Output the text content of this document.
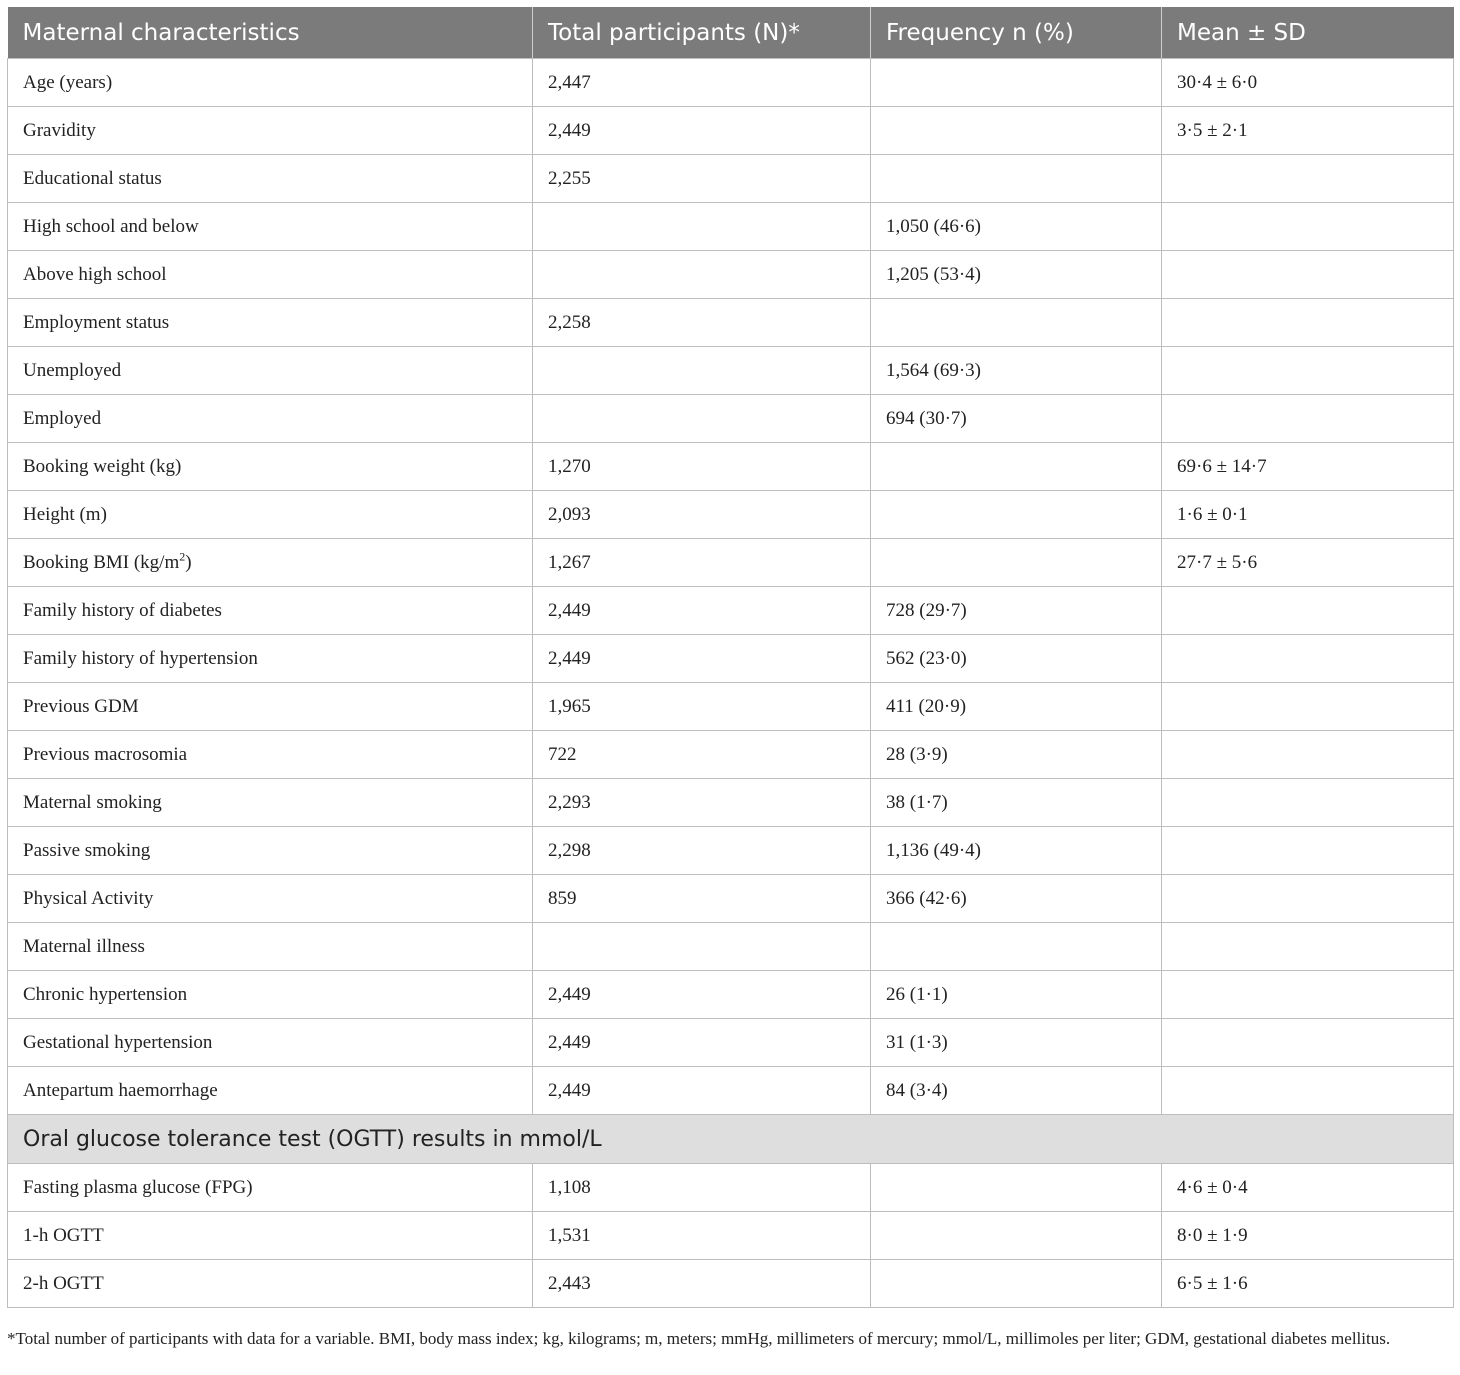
Maternal characteristics	Total participants (N)*	Frequency n (%)	Mean ± SD
Age (years)	2,447		30·4 ± 6·0
Gravidity	2,449		3·5 ± 2·1
Educational status	2,255		
High school and below		1,050 (46·6)	
Above high school		1,205 (53·4)	
Employment status	2,258		
Unemployed		1,564 (69·3)	
Employed		694 (30·7)	
Booking weight (kg)	1,270		69·6 ± 14·7
Height (m)	2,093		1·6 ± 0·1
Booking BMI $(kg/m^2)$	1,267		27·7 ± 5·6
Family history of diabetes	2,449	728 (29·7)	
Family history of hypertension	2,449	562 (23·0)	
Previous GDM	1,965	411 (20·9)	
Previous macrosomia	722	28 (3·9)	
Maternal smoking	2,293	38 (1·7)	
Passive smoking	2,298	1,136 (49·4)	
Physical Activity	859	366 (42·6)	
Maternal illness			
Chronic hypertension	2,449	26 (1·1)	
Gestational hypertension	2,449	31 (1·3)	
Antepartum haemorrhage	2,449	84 (3·4)	
Oral glucose tolerance test (OGTT) results in mmol/L			
Fasting plasma glucose (FPG)	1,108		4·6 ± 0·4
1-h OGTT	1,531		8·0 ± 1·9
2-h OGTT	2,443		6·5 ± 1·6
*Total number of participants with data for a variable. BMI, body mass index; kg, kilograms; m, meters; mmHg, millimeters of mercury; mmol/L, millimoles per liter; GDM, gestational diabetes mellitus.
